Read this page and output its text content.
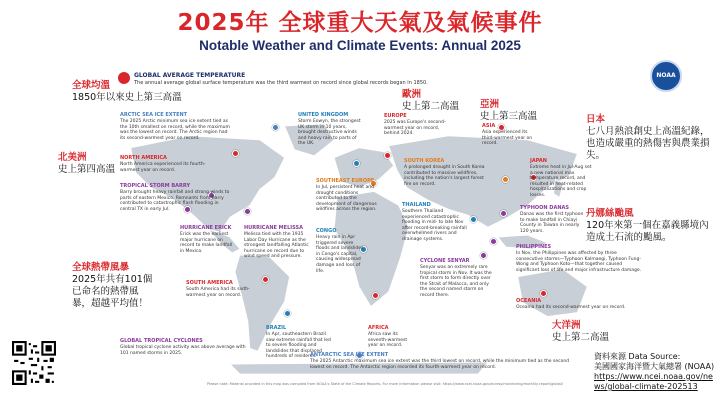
2025年 全球重大天氣及氣候事件
Notable Weather and Climate Events: Annual 2025
NOAA
GLOBAL AVERAGE TEMPERATURE
The annual average global surface temperature was the third warmest on record since global records began in 1850.
全球均溫
1850年以來史上第三高溫
北美洲
史上第四高溫
全球熱帶風暴
2025年共有101個已命名的熱帶風暴，超越平均值！
歐洲
史上第二高溫	亞洲
史上第三高溫	日本
七八月熱浪創史上高溫紀錄，也造成嚴重的熱傷害與農業損失。
丹娜絲颱風
120年來第一個在嘉義縣境內造成土石流的颱風。
大洋洲
史上第二高溫
ARCTIC SEA ICE EXTENT
The 2025 Arctic minimum sea ice extent tied as the 10th smallest on record, while the maximum was the lowest on record. The Arctic region had its second-warmest year on record.
NORTH AMERICA
North America experienced its fourth-warmest year on record.
TROPICAL STORM BARRY
Barry brought heavy rainfall and strong winds to parts of eastern Mexico. Remnants from Barry contributed to catastrophic flash flooding in central TX in early Jul.
HURRICANE ERICK
Erick was the earliest major hurricane on record to make landfall in Mexico.
HURRICANE MELISSA
Melissa tied with the 1935 Labor Day Hurricane as the strongest landfalling Atlantic hurricane on record due to wind speed and pressure.
SOUTH AMERICA
South America had its sixth-warmest year on record.
GLOBAL TROPICAL CYCLONES
Global tropical cyclone activity was above average with 101 named storms in 2025.
UNITED KINGDOM
Storm Eowyn, the strongest UK storm in 10 years, brought destructive winds and heavy rain to parts of the UK.
SOUTHEAST EUROPE
In Jul, persistent heat and drought conditions contributed to the development of dangerous wildfires across the region.
CONGO
Heavy rain in Apr triggered severe floods and landslides in Congo's capital, causing widespread damage and loss of life.
BRAZIL
In Apr, southeastern Brazil saw extreme rainfall that led to severe flooding and landslides that displaced hundreds of residents.
AFRICA
Africa saw its seventh-warmest year on record.
EUROPE
2025 was Europe's second-warmest year on record, behind 2024.
SOUTH KOREA
A prolonged drought in South Korea contributed to massive wildfires, including the nation's largest forest fire on record.
THAILAND
Southern Thailand experienced catastrophic flooding in mid- to late Nov after record-breaking rainfall overwhelmed rivers and drainage systems.
CYCLONE SENYAR
Senyar was an extremely rare tropical storm in Nov. It was the first storm to form directly over the Strait of Malacca, and only the second named storm on record there.
ASIA
Asia experienced its third-warmest year on record.
JAPAN
Extreme heat in Jul-Aug set a new national max temperature record, and resulted in heat-related hospitalizations and crop losses.
TYPHOON DANAS
Danas was the first typhoon to make landfall in Chiayi County in Taiwan in nearly 120 years.
PHILIPPINES
In Nov, the Philippines was affected by three consecutive storms—Typhoon Kalmaegi, Typhoon Fung-Wong and Typhoon Koto—that together caused significant loss of life and major infrastructure damage.
OCEANIA
Oceania had its second-warmest year on record.
ANTARCTIC SEA ICE EXTENT
The 2025 Antarctic maximum sea ice extent was the third lowest on record, while the minimum tied as the second lowest on record. The Antarctic region recorded its fourth-warmest year on record.
Please note: Material provided in this map was compiled from NOAA's State of the Climate Reports. For more information please visit: https://www.ncei.noaa.gov/access/monitoring/monthly-report/global/
資料來源 Data Source:
美國國家海洋暨大氣總署 (NOAA)
https://www.ncei.noaa.gov/news/global-climate-202513
